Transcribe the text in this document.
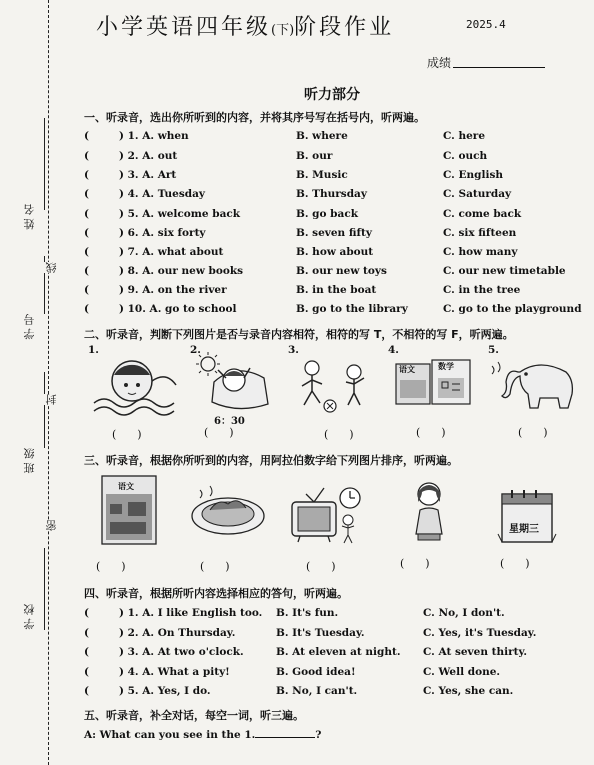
姓 名
学 号
班 级
学 校
线
封
密
小学英语四年级(下)阶段作业	2025.4
成绩
听力部分
一、听录音，选出你所听到的内容，并将其序号写在括号内，听两遍。
(	) 1. A. when	B. where	C. here
(	) 2. A. out	B. our	C. ouch
(	) 3. A. Art	B. Music	C. English
(	) 4. A. Tuesday	B. Thursday	C. Saturday
(	) 5. A. welcome back	B. go back	C. come back
(	) 6. A. six forty	B. seven fifty	C. six fifteen
(	) 7. A. what about	B. how about	C. how many
(	) 8. A. our new books	B. our new toys	C. our new timetable
(	) 9. A. on the river	B. in the boat	C. in the tree
(	) 10. A. go to school	B. go to the library	C. go to the playground
二、听录音，判断下列图片是否与录音内容相符，相符的写 T，不相符的写 F，听两遍。
1.	2.	3.	4.	5.
6：30
语文	数学
(      )	(      )	(      )	(      )	(      )
三、听录音，根据你所听到的内容，用阿拉伯数字给下列图片排序，听两遍。
语文
星期三
(      )	(      )	(      )	(      )	(      )
四、听录音，根据所听内容选择相应的答句，听两遍。
(	) 1. A. I like English too. B. It's fun.	C. No, I don't.
(	) 2. A. On Thursday.	B. It's Tuesday.	C. Yes, it's Tuesday.
(	) 3. A. At two o'clock.	B. At eleven at night. C. At seven thirty.
(	) 4. A. What a pity!	B. Good idea!	C. Well done.
(	) 5. A. Yes, I do.	B. No, I can't.	C. Yes, she can.
五、听录音，补全对话，每空一词，听三遍。
A: What can you see in the 1.	?
